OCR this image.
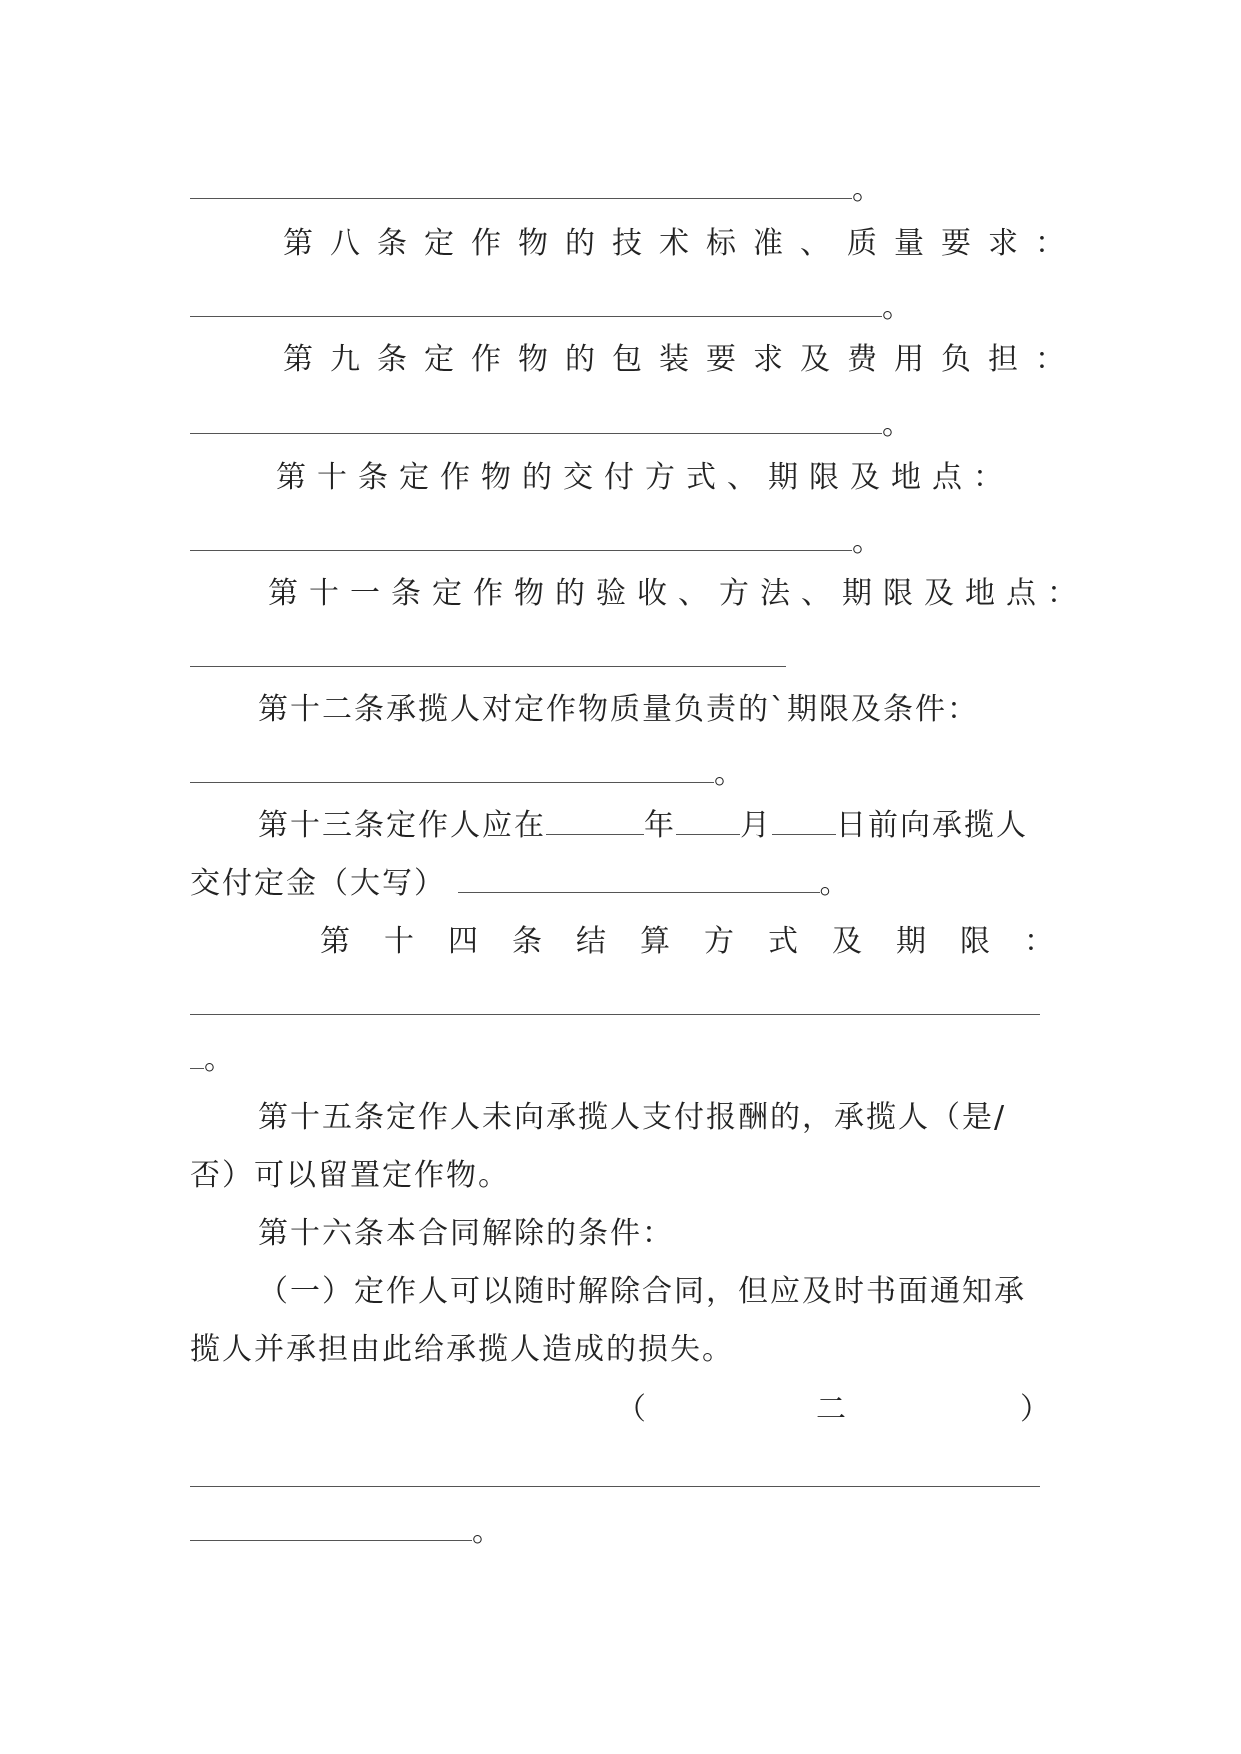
。
第八条定作物的技术标准、质量要求：
。
第九条定作物的包装要求及费用负担：
。
第十条定作物的交付方式、期限及地点：
。
第十一条定作物的验收、方法、期限及地点：
第十二条承揽人对定作物质量负责的`期限及条件：
。
第十三条定作人应在	年 月 日前向承揽人
交付定金（大写）	。
第十四条结算方式及期限：
。
第十五条定作人未向承揽人支付报酬的，承揽人（是/
否）可以留置定作物。
第十六条本合同解除的条件：
（一）定作人可以随时解除合同，但应及时书面通知承
揽人并承担由此给承揽人造成的损失。
（	二	）
。
